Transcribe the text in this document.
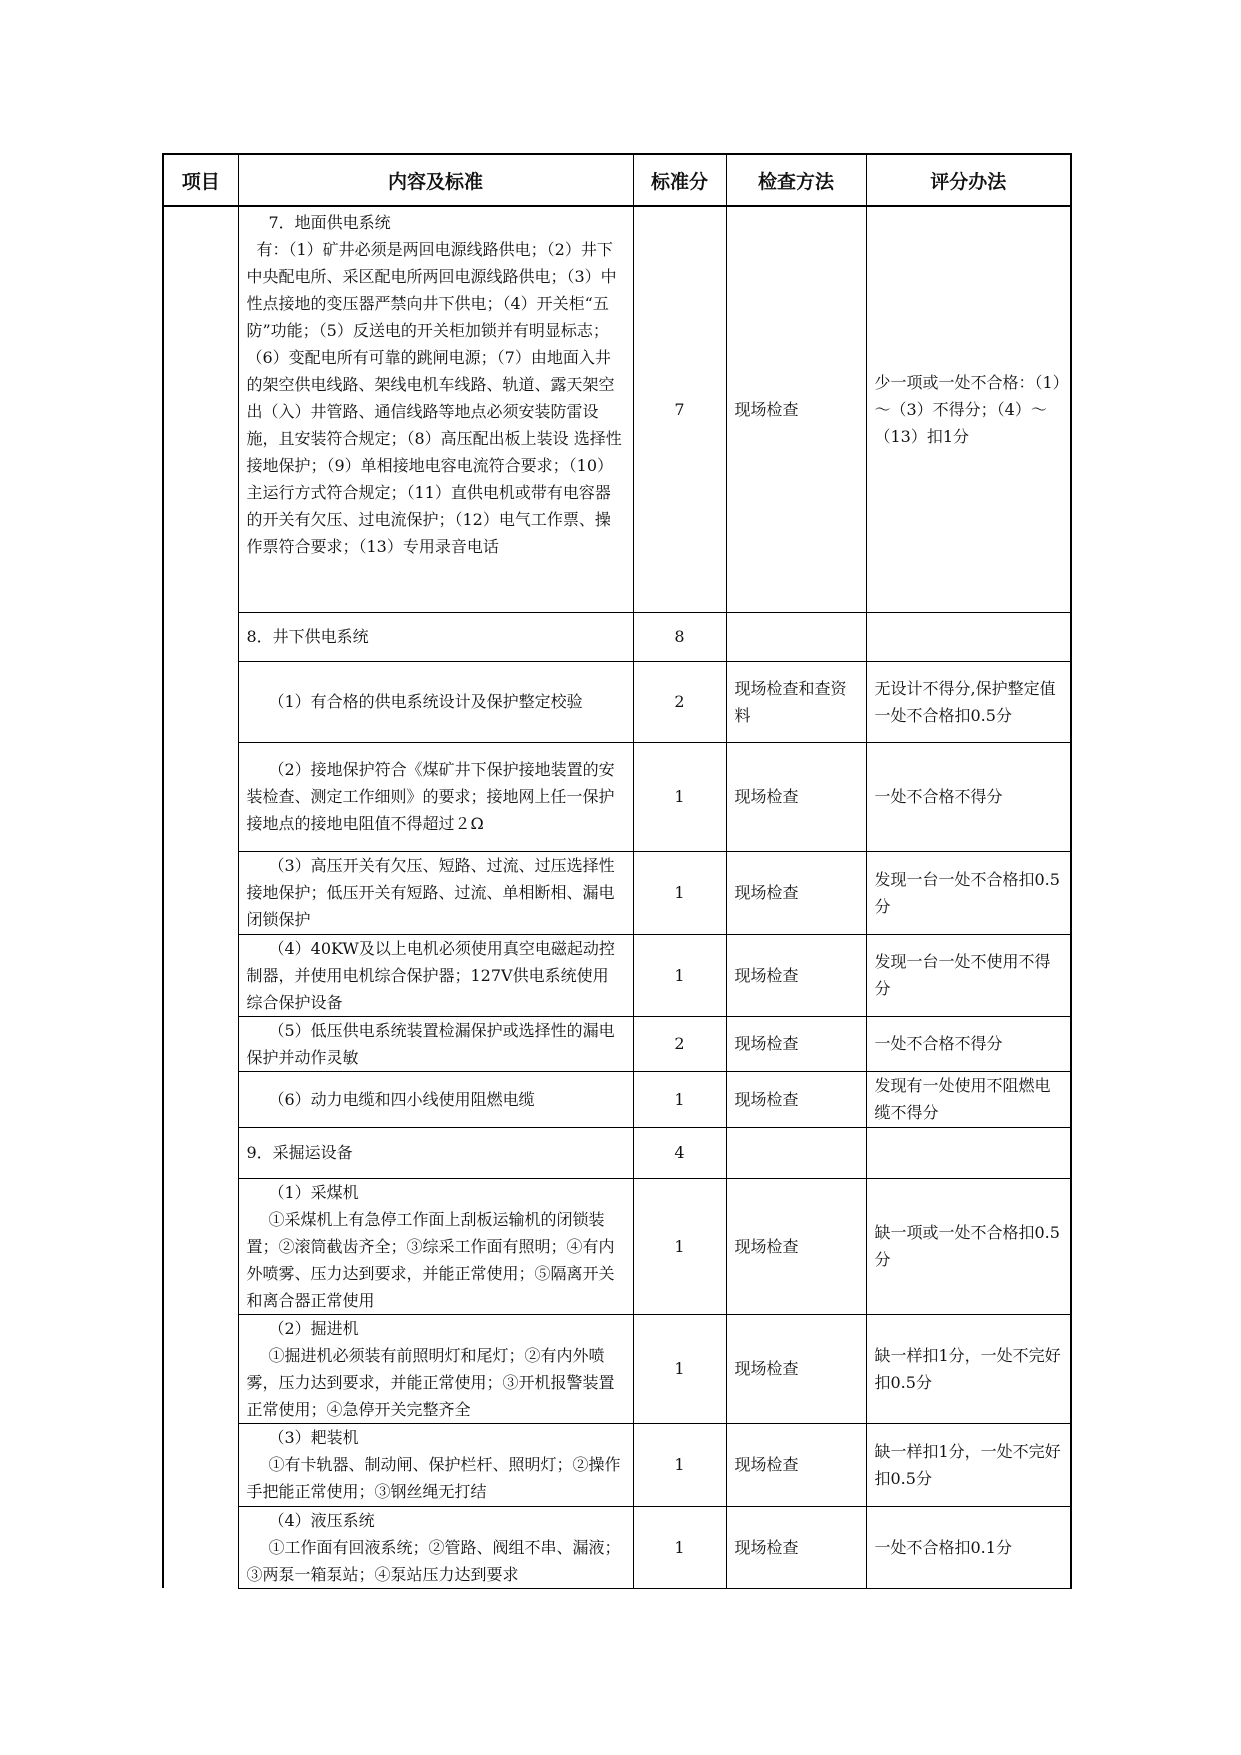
项目	内容及标准	标准分	检查方法	评分办法

	7．地面供电系统
有：（1）矿井必须是两回电源线路供电；（2）井下中央配电所、采区配电所两回电源线路供电；（3）中性点接地的变压器严禁向井下供电；（4）开关柜“五防”功能；（5）反送电的开关柜加锁并有明显标志；（6）变配电所有可靠的跳闸电源；（7）由地面入井的架空供电线路、架线电机车线路、轨道、露天架空出（入）井管路、通信线路等地点必须安装防雷设施，且安装符合规定；（8）高压配出板上装设 选择性接地保护；（9）单相接地电容电流符合要求；（10）主运行方式符合规定；（11）直供电机或带有电容器的开关有欠压、过电流保护；（12）电气工作票、操作票符合要求；（13）专用录音电话	7	现场检查	少一项或一处不合格：（1）～（3）不得分；（4）～（13）扣1分
	8．井下供电系统	8		
	（1）有合格的供电系统设计及保护整定校验	2	现场检查和查资料	无设计不得分,保护整定值一处不合格扣0.5分
	（2）接地保护符合《煤矿井下保护接地装置的安装检查、测定工作细则》的要求；接地网上任一保护接地点的接地电阻值不得超过２Ω	1	现场检查	一处不合格不得分
	（3）高压开关有欠压、短路、过流、过压选择性接地保护；低压开关有短路、过流、单相断相、漏电闭锁保护	1	现场检查	发现一台一处不合格扣0.5分
	（4）40KW及以上电机必须使用真空电磁起动控制器，并使用电机综合保护器；127V供电系统使用综合保护设备	1	现场检查	发现一台一处不使用不得分
	（5）低压供电系统装置检漏保护或选择性的漏电保护并动作灵敏	2	现场检查	一处不合格不得分
	（6）动力电缆和四小线使用阻燃电缆	1	现场检查	发现有一处使用不阻燃电缆不得分
	9．采掘运设备	4		

	（1）采煤机
①采煤机上有急停工作面上刮板运输机的闭锁装置；②滚筒截齿齐全；③综采工作面有照明；④有内外喷雾、压力达到要求，并能正常使用；⑤隔离开关和离合器正常使用	1	现场检查	缺一项或一处不合格扣0.5分

	（2）掘进机
①掘进机必须装有前照明灯和尾灯；②有内外喷雾，压力达到要求，并能正常使用；③开机报警装置正常使用；④急停开关完整齐全	1	现场检查	缺一样扣1分，一处不完好扣0.5分

	（3）耙装机
①有卡轨器、制动闸、保护栏杆、照明灯；②操作手把能正常使用；③钢丝绳无打结	1	现场检查	缺一样扣1分，一处不完好扣0.5分

	（4）液压系统
①工作面有回液系统；②管路、阀组不串、漏液；③两泵一箱泵站；④泵站压力达到要求	1	现场检查	一处不合格扣0.1分
